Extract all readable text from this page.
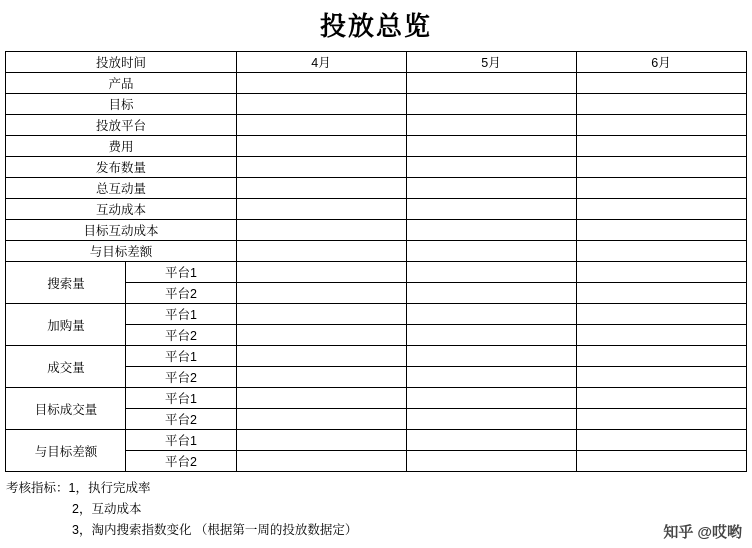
投放总览
投放时间		4月	5月	6月
产品				
目标				
投放平台				
费用				
发布数量				
总互动量				
互动成本				
目标互动成本				
与目标差额				
搜索量	平台1			
	平台2			
加购量	平台1			
	平台2			
成交量	平台1			
	平台2			
目标成交量	平台1			
	平台2			
与目标差额	平台1			
	平台2			
考核指标：1，执行完成率
2，互动成本
3，淘内搜索指数变化 （根据第一周的投放数据定）	知乎 @哎哟
